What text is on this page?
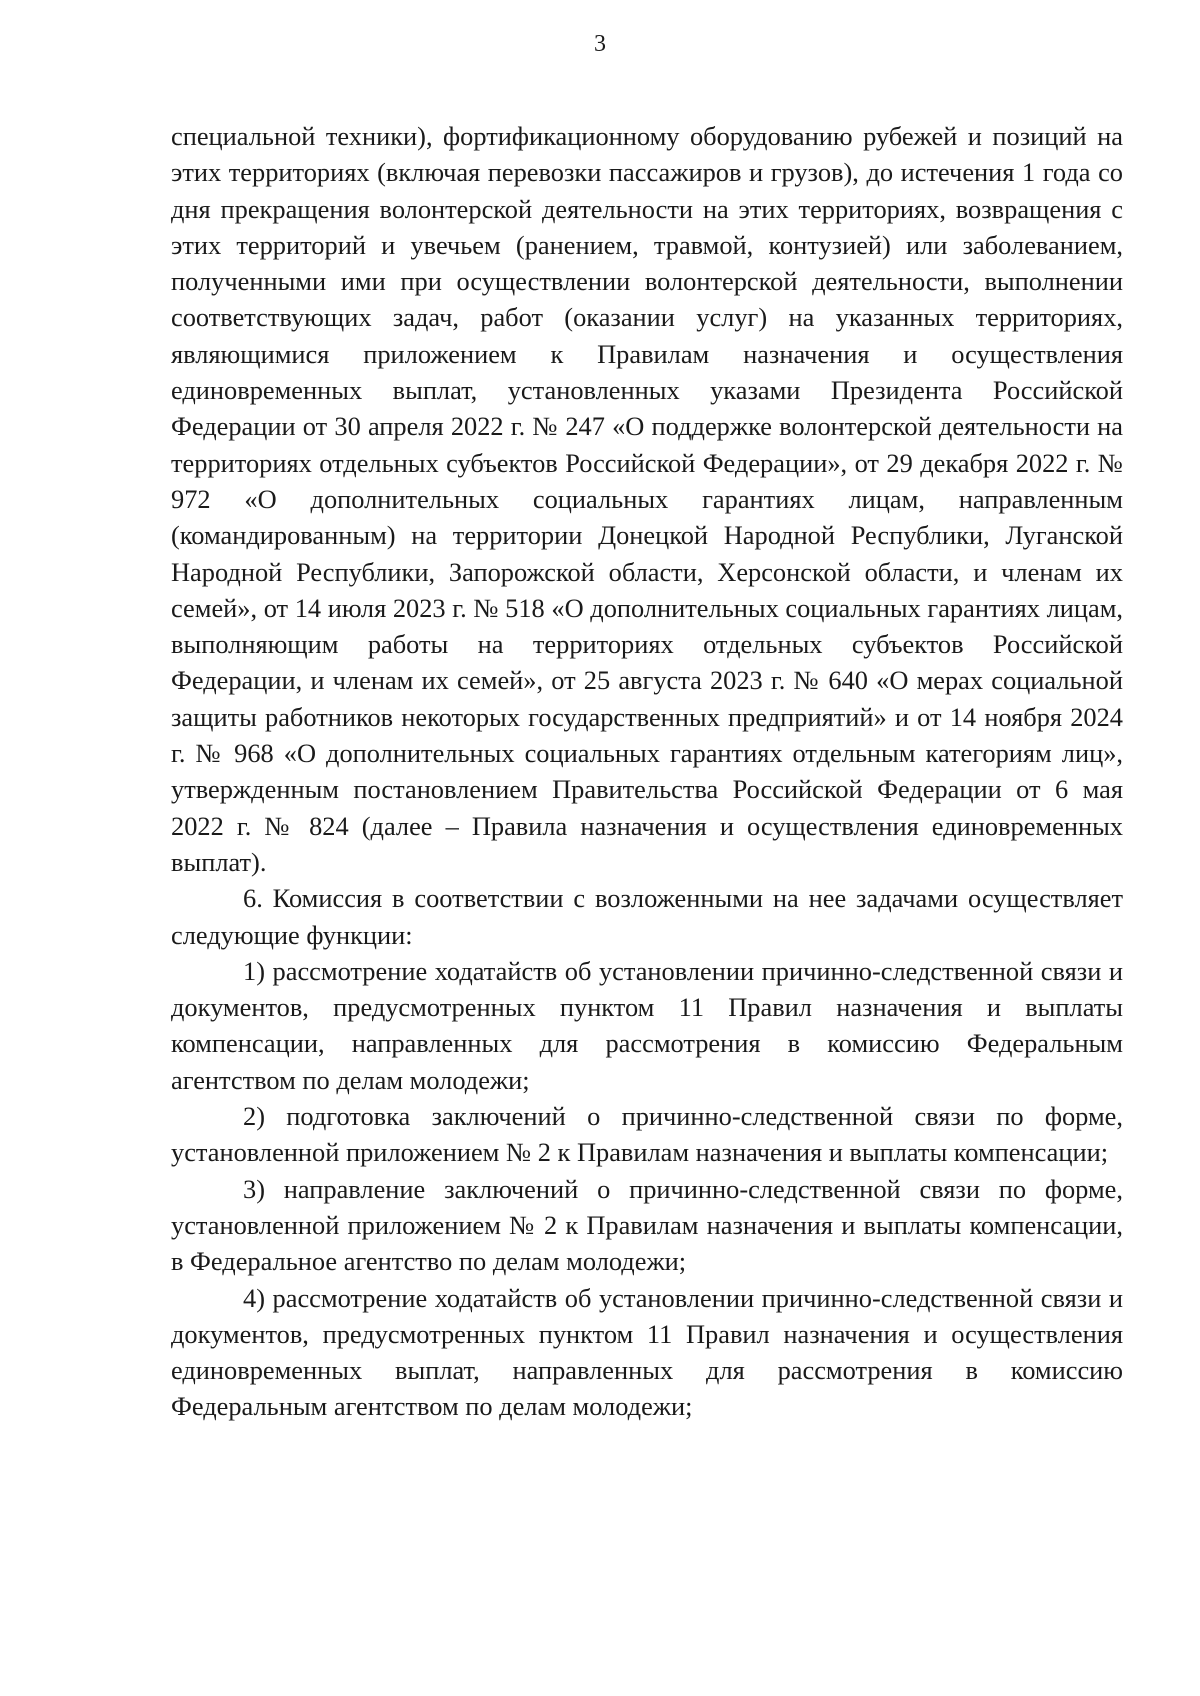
3

специальной техники), фортификационному оборудованию рубежей и позиций на этих территориях (включая перевозки пассажиров и грузов), до истечения 1 года со дня прекращения волонтерской деятельности на этих территориях, возвращения с этих территорий и увечьем (ранением, травмой, контузией) или заболеванием, полученными ими при осуществлении волонтерской деятельности, выполнении соответствующих задач, работ (оказании услуг) на указанных территориях, являющимися приложением к Правилам назначения и осуществления единовременных выплат, установленных указами Президента Российской Федерации от 30 апреля 2022 г. № 247 «О поддержке волонтерской деятельности на территориях отдельных субъектов Российской Федерации», от 29 декабря 2022 г. № 972 «О дополнительных социальных гарантиях лицам, направленным (командированным) на территории Донецкой Народной Республики, Луганской Народной Республики, Запорожской области, Херсонской области, и членам их семей», от 14 июля 2023 г. № 518 «О дополнительных социальных гарантиях лицам, выполняющим работы на территориях отдельных субъектов Российской Федерации, и членам их семей», от 25 августа 2023 г. № 640 «О мерах социальной защиты работников некоторых государственных предприятий» и от 14 ноября 2024 г. № 968 «О дополнительных социальных гарантиях отдельным категориям лиц», утвержденным постановлением Правительства Российской Федерации от 6 мая 2022 г. № 824 (далее – Правила назначения и осуществления единовременных выплат).

6. Комиссия в соответствии с возложенными на нее задачами осуществляет следующие функции:

1) рассмотрение ходатайств об установлении причинно-следственной связи и документов, предусмотренных пунктом 11 Правил назначения и выплаты компенсации, направленных для рассмотрения в комиссию Федеральным агентством по делам молодежи;

2) подготовка заключений о причинно-следственной связи по форме, установленной приложением № 2 к Правилам назначения и выплаты компенсации;

3) направление заключений о причинно-следственной связи по форме, установленной приложением № 2 к Правилам назначения и выплаты компенсации, в Федеральное агентство по делам молодежи;

4) рассмотрение ходатайств об установлении причинно-следственной связи и документов, предусмотренных пунктом 11 Правил назначения и осуществления единовременных выплат, направленных для рассмотрения в комиссию Федеральным агентством по делам молодежи;
